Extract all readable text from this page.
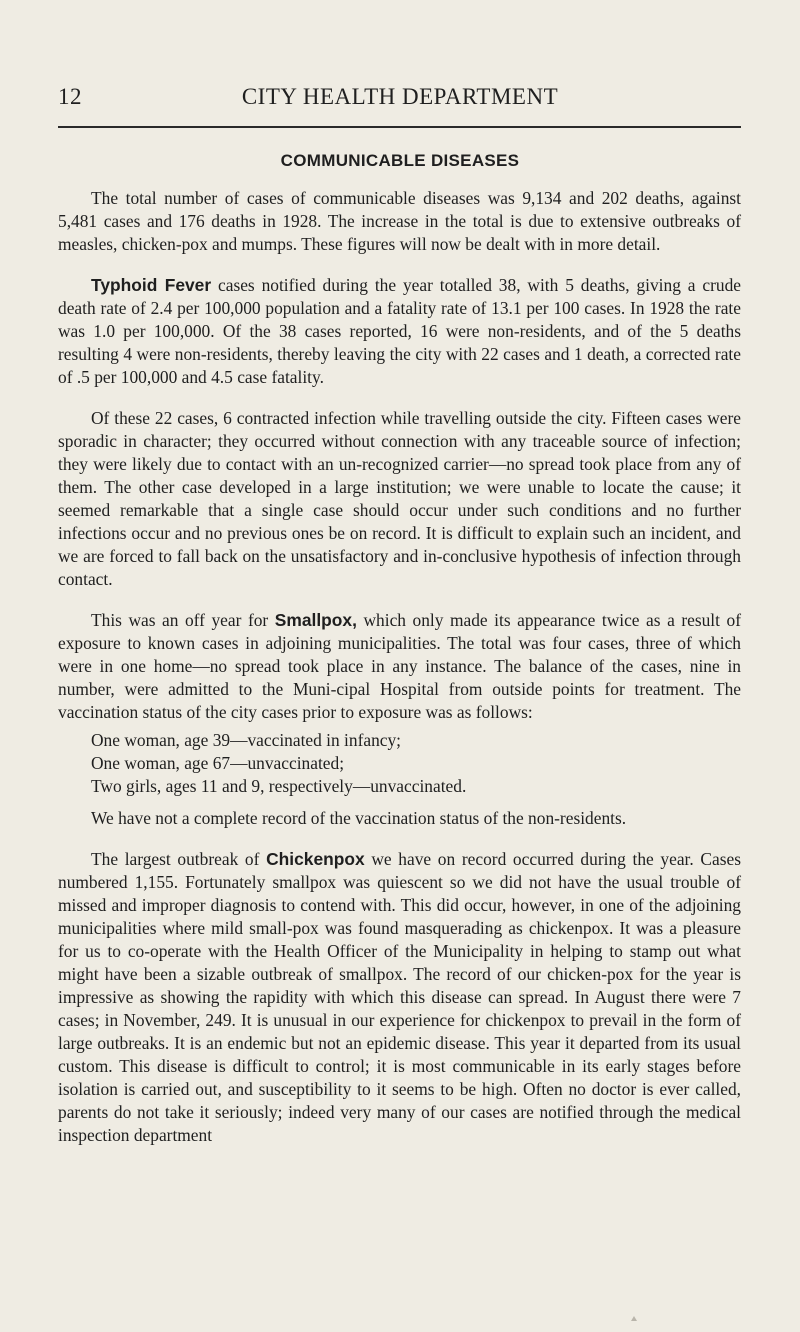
12	CITY HEALTH DEPARTMENT
COMMUNICABLE DISEASES

The total number of cases of communicable diseases was 9,134 and 202 deaths, against 5,481 cases and 176 deaths in 1928. The increase in the total is due to extensive outbreaks of measles, chicken-pox and mumps. These figures will now be dealt with in more detail.

Typhoid Fever cases notified during the year totalled 38, with 5 deaths, giving a crude death rate of 2.4 per 100,000 population and a fatality rate of 13.1 per 100 cases. In 1928 the rate was 1.0 per 100,000. Of the 38 cases reported, 16 were non-residents, and of the 5 deaths resulting 4 were non-residents, thereby leaving the city with 22 cases and 1 death, a corrected rate of .5 per 100,000 and 4.5 case fatality.

Of these 22 cases, 6 contracted infection while travelling outside the city. Fifteen cases were sporadic in character; they occurred without connection with any traceable source of infection; they were likely due to contact with an un-recognized carrier—no spread took place from any of them. The other case developed in a large institution; we were unable to locate the cause; it seemed remarkable that a single case should occur under such conditions and no further infections occur and no previous ones be on record. It is difficult to explain such an incident, and we are forced to fall back on the unsatisfactory and in-conclusive hypothesis of infection through contact.

This was an off year for Smallpox, which only made its appearance twice as a result of exposure to known cases in adjoining municipalities. The total was four cases, three of which were in one home—no spread took place in any instance. The balance of the cases, nine in number, were admitted to the Muni-cipal Hospital from outside points for treatment. The vaccination status of the city cases prior to exposure was as follows:

One woman, age 39—vaccinated in infancy;
One woman, age 67—unvaccinated;
Two girls, ages 11 and 9, respectively—unvaccinated.

We have not a complete record of the vaccination status of the non-residents.

The largest outbreak of Chickenpox we have on record occurred during the year. Cases numbered 1,155. Fortunately smallpox was quiescent so we did not have the usual trouble of missed and improper diagnosis to contend with. This did occur, however, in one of the adjoining municipalities where mild small-pox was found masquerading as chickenpox. It was a pleasure for us to co-operate with the Health Officer of the Municipality in helping to stamp out what might have been a sizable outbreak of smallpox. The record of our chicken-pox for the year is impressive as showing the rapidity with which this disease can spread. In August there were 7 cases; in November, 249. It is unusual in our experience for chickenpox to prevail in the form of large outbreaks. It is an endemic but not an epidemic disease. This year it departed from its usual custom. This disease is difficult to control; it is most communicable in its early stages before isolation is carried out, and susceptibility to it seems to be high. Often no doctor is ever called, parents do not take it seriously; indeed very many of our cases are notified through the medical inspection department
